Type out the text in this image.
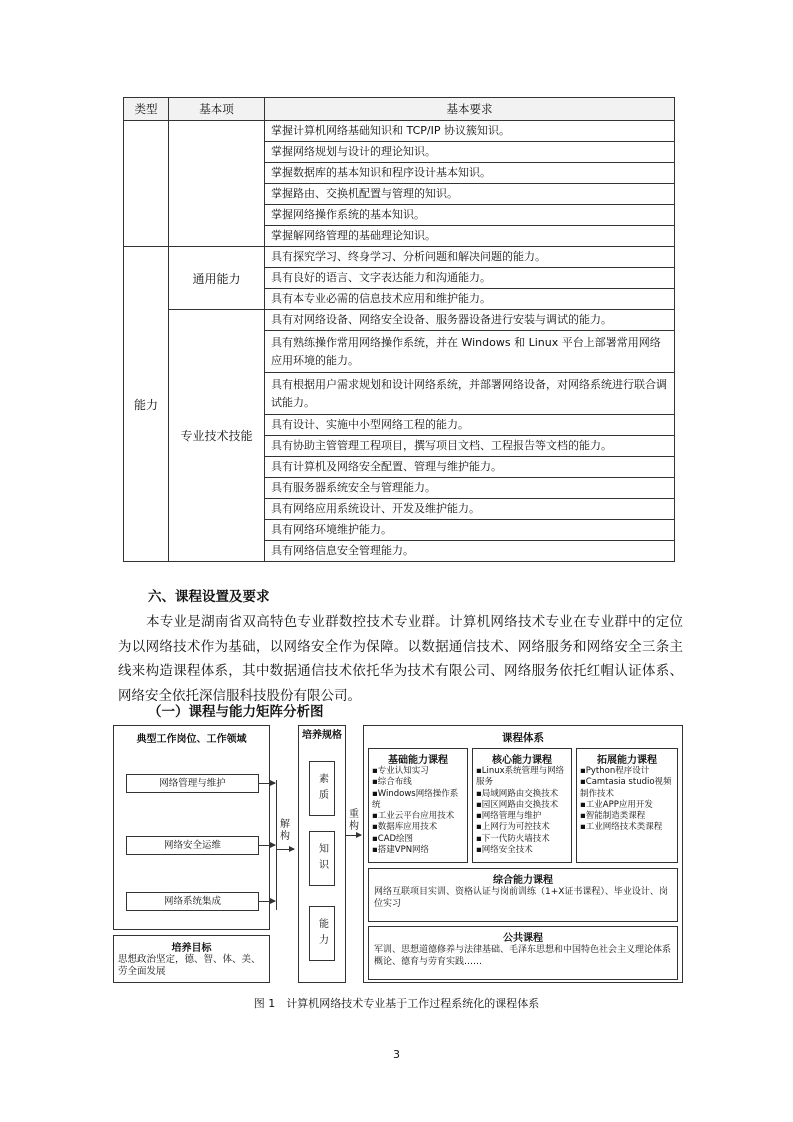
类型	基本项	基本要求
		掌握计算机网络基础知识和 TCP/IP 协议簇知识。
		掌握网络规划与设计的理论知识。
		掌握数据库的基本知识和程序设计基本知识。
		掌握路由、交换机配置与管理的知识。
		掌握网络操作系统的基本知识。
		掌握解网络管理的基础理论知识。
能力	通用能力	具有探究学习、终身学习、分析问题和解决问题的能力。
		具有良好的语言、文字表达能力和沟通能力。
		具有本专业必需的信息技术应用和维护能力。
	专业技术技能	具有对网络设备、网络安全设备、服务器设备进行安装与调试的能力。
		具有熟练操作常用网络操作系统，并在 Windows 和 Linux 平台上部署常用网络应用环境的能力。
		具有根据用户需求规划和设计网络系统，并部署网络设备，对网络系统进行联合调试能力。
		具有设计、实施中小型网络工程的能力。
		具有协助主管管理工程项目，撰写项目文档、工程报告等文档的能力。
		具有计算机及网络安全配置、管理与维护能力。
		具有服务器系统安全与管理能力。
		具有网络应用系统设计、开发及维护能力。
		具有网络环境维护能力。
		具有网络信息安全管理能力。
六、课程设置及要求
本专业是湖南省双高特色专业群数控技术专业群。计算机网络技术专业在专业群中的定位为以网络技术作为基础，以网络安全作为保障。以数据通信技术、网络服务和网络安全三条主线来构造课程体系，其中数据通信技术依托华为技术有限公司、网络服务依托红帽认证体系、网络安全依托深信服科技股份有限公司。
（一）课程与能力矩阵分析图
典型工作岗位、工作领域
网络管理与维护
网络安全运维
网络系统集成
培养目标
思想政治坚定，德、智、体、美、劳全面发展
解构
培养规格
素质
知识
能力
重构
课程体系
基础能力课程
▪专业认知实习
▪综合布线
▪Windows网络操作系统
▪工业云平台应用技术
▪数据库应用技术
▪CAD绘图
▪搭建VPN网络
核心能力课程
▪Linux系统管理与网络服务
▪局域网路由交换技术
▪园区网路由交换技术
▪网络管理与维护
▪上网行为可控技术
▪下一代防火墙技术
▪网络安全技术
拓展能力课程
▪Python程序设计
▪Camtasia studio视频制作技术
▪工业APP应用开发
▪智能制造类课程
▪工业网络技术类课程
综合能力课程
网络互联项目实训、资格认证与岗前训练（1+X证书课程）、毕业设计、岗位实习
公共课程
军训、思想道德修养与法律基础、毛泽东思想和中国特色社会主义理论体系概论、德育与劳育实践……
图 1　计算机网络技术专业基于工作过程系统化的课程体系
3
